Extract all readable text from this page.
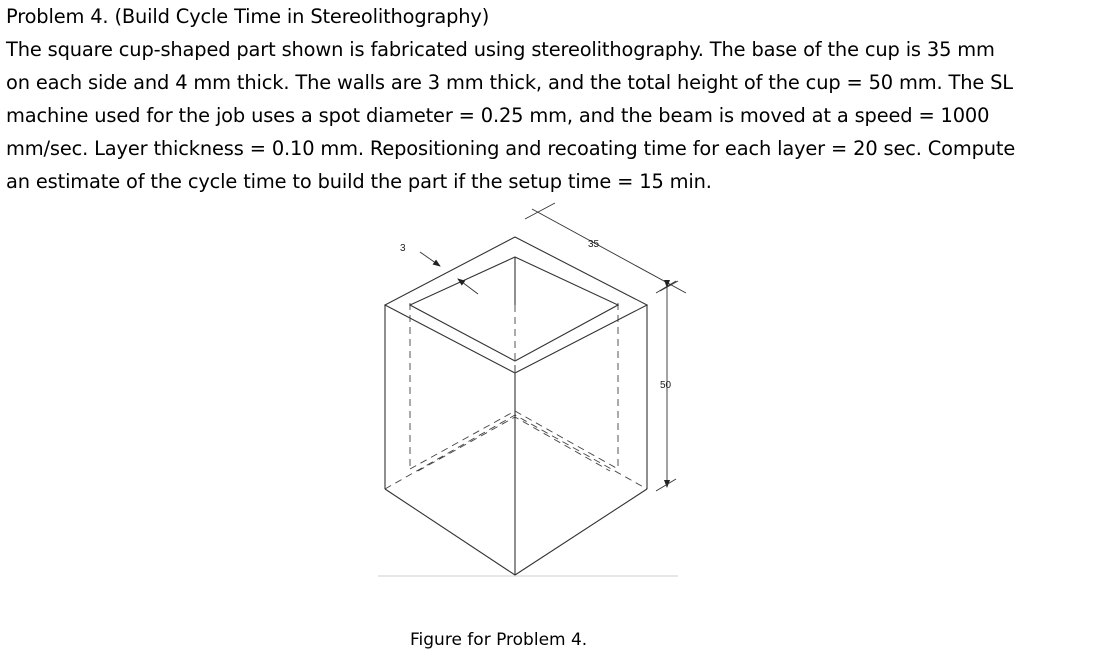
Problem 4. (Build Cycle Time in Stereolithography)
The square cup-shaped part shown is fabricated using stereolithography. The base of the cup is 35 mm
on each side and 4 mm thick. The walls are 3 mm thick, and the total height of the cup = 50 mm. The SL
machine used for the job uses a spot diameter = 0.25 mm, and the beam is moved at a speed = 1000
mm/sec. Layer thickness = 0.10 mm. Repositioning and recoating time for each layer = 20 sec. Compute
an estimate of the cycle time to build the part if the setup time = 15 min.
35
50
3
Figure for Problem 4.
